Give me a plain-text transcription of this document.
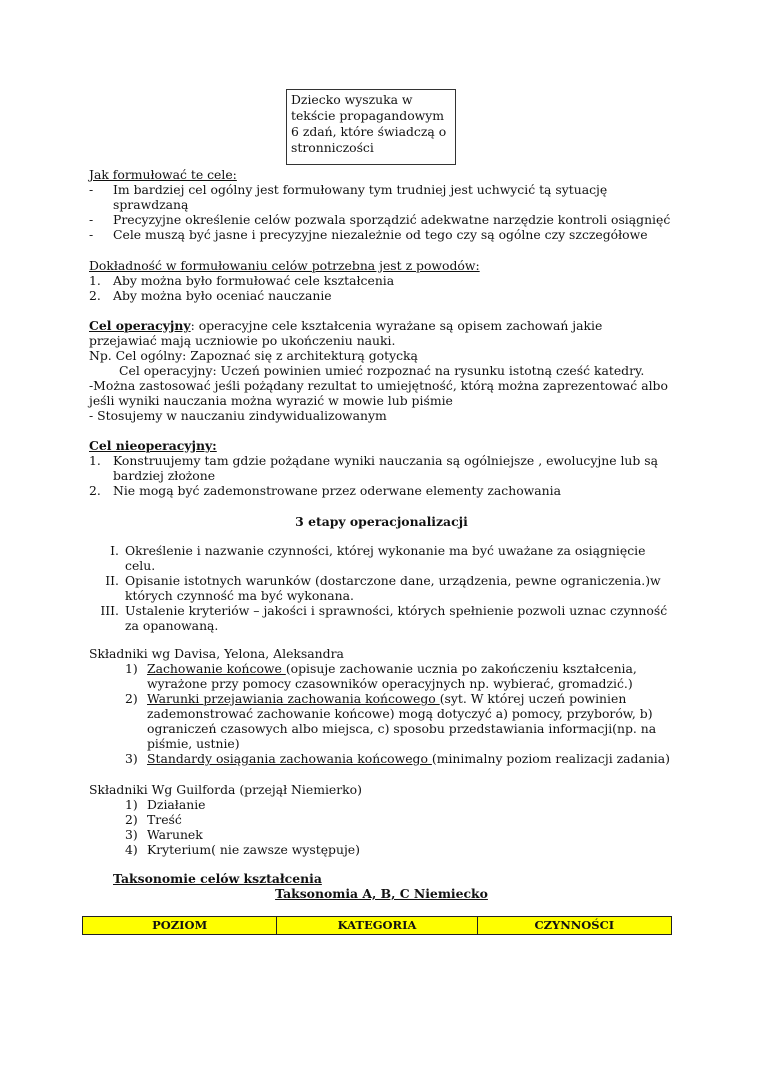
Dziecko wyszuka w tekście propagandowym 6 zdań, które świadczą o stronniczości
Jak formułować te cele:
- Im bardziej cel ogólny jest formułowany tym trudniej jest uchwycić tą sytuację sprawdzaną
- Precyzyjne określenie celów pozwala sporządzić adekwatne narzędzie kontroli osiągnięć
- Cele muszą być jasne i precyzyjne niezależnie od tego czy są ogólne czy szczegółowe
Dokładność w formułowaniu celów potrzebna jest z powodów:
1. Aby można było formułować cele kształcenia
2. Aby można było oceniać nauczanie
Cel operacyjny: operacyjne cele kształcenia wyrażane są opisem zachowań jakie przejawiać mają uczniowie po ukończeniu nauki.
Np. Cel ogólny: Zapoznać się z architekturą gotycką
Cel operacyjny: Uczeń powinien umieć rozpoznać na rysunku istotną cześć katedry.
-Można zastosować jeśli pożądany rezultat to umiejętność, którą można zaprezentować albo jeśli wyniki nauczania można wyrazić w mowie lub piśmie
- Stosujemy w nauczaniu zindywidualizowanym
Cel nieoperacyjny:
1. Konstruujemy tam gdzie pożądane wyniki nauczania są ogólniejsze , ewolucyjne lub są bardziej złożone
2. Nie mogą być zademonstrowane przez oderwane elementy zachowania
3 etapy operacjonalizacji
I. Określenie i nazwanie czynności, której wykonanie ma być uważane za osiągnięcie celu.
II. Opisanie istotnych warunków (dostarczone dane, urządzenia, pewne ograniczenia.)w których czynność ma być wykonana.
III. Ustalenie kryteriów – jakości i sprawności, których spełnienie pozwoli uznac czynność za opanowaną.
Składniki wg Davisa, Yelona, Aleksandra
1) Zachowanie końcowe (opisuje zachowanie ucznia po zakończeniu kształcenia, wyrażone przy pomocy czasowników operacyjnych np. wybierać, gromadzić.)
2) Warunki przejawiania zachowania końcowego (syt. W której uczeń powinien zademonstrować zachowanie końcowe) mogą dotyczyć a) pomocy, przyborów, b) ograniczeń czasowych albo miejsca, c) sposobu przedstawiania informacji(np. na piśmie, ustnie)
3) Standardy osiągania zachowania końcowego (minimalny poziom realizacji zadania)
Składniki Wg Guilforda (przejął Niemierko)
1) Działanie
2) Treść
3) Warunek
4) Kryterium( nie zawsze występuje)
Taksonomie celów kształcenia
Taksonomia A, B, C Niemiecko
POZIOM	KATEGORIA	CZYNNOŚCI
